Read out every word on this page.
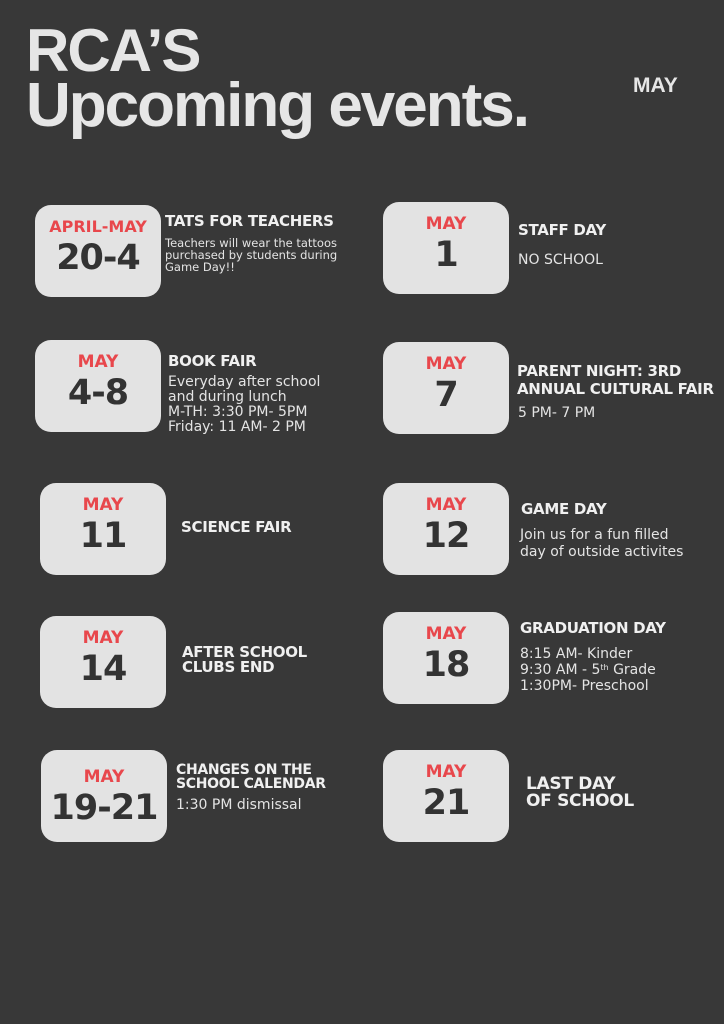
RCA’S
Upcoming events.	MAY
APRIL-MAY
20-4
TATS FOR TEACHERS
Teachers will wear the tattoos
purchased by students during
Game Day!!
MAY
1
STAFF DAY
NO SCHOOL
MAY
4-8
BOOK FAIR
Everyday after school
and during lunch
M-TH: 3:30 PM- 5PM
Friday: 11 AM- 2 PM
MAY
7
PARENT NIGHT: 3RD
ANNUAL CULTURAL FAIR
5 PM- 7 PM
MAY
11	SCIENCE FAIR
MAY
12
GAME DAY
Join us for a fun filled
day of outside activites
MAY
14	AFTER SCHOOL
CLUBS END
MAY
18
GRADUATION DAY
8:15 AM- Kinder
9:30 AM - 5th Grade
1:30PM- Preschool
MAY
19-21
CHANGES ON THE
SCHOOL CALENDAR
1:30 PM dismissal
MAY
21	LAST DAY
OF SCHOOL
